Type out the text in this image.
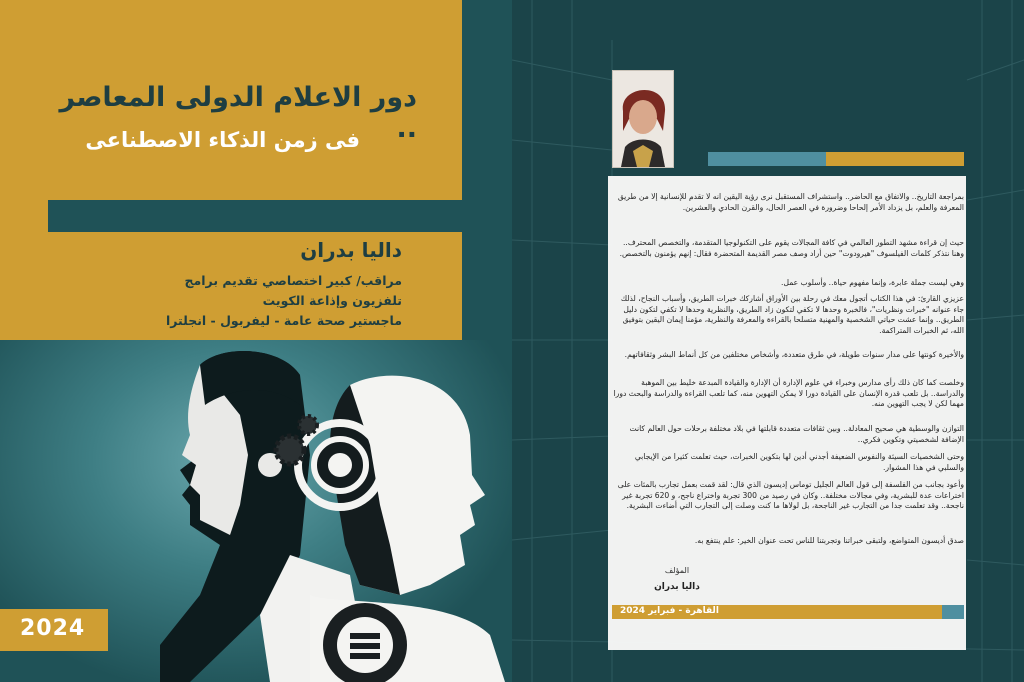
دور الاعلام الدولى المعاصر ..
فى زمن الذكاء الاصطناعى
داليا بدران
مراقب/ كبير اختصاصي تقديم برامج
تلفزيون وإذاعة الكويت
ماجستير صحة عامة - ليفربول - انجلترا
2024
بمراجعة التاريخ.. والاتفاق مع الحاضر.. واستشراف المستقبل نرى رؤية اليقين انه لا تقدم للإنسانية إلا من طريق المعرفة والعلم، بل يزداد الأمر إلحاحا وضرورة في العصر الحال، والقرن الحادي والعشرين.
حيث إن قراءة مشهد التطور العالمي في كافة المجالات يقوم على التكنولوجيا المتقدمة، والتخصص المحترف.. وهنا نتذكر كلمات الفيلسوف "هيرودوت" حين أراد وصف مصر القديمة المتحضرة فقال: إنهم يؤمنون بالتخصص.
وهي ليست جملة عابرة، وإنما مفهوم حياة.. وأسلوب عمل.
عزيزي القارئ: في هذا الكتاب أتجول معك في رحلة بين الأوراق أشاركك خبرات الطريق، وأسباب النجاح، لذلك جاء عنوانه "خبرات ونظريات"، فالخبرة وحدها لا تكفي لتكون زاد الطريق، والنظرية وحدها لا تكفي لتكون دليل الطريق.. وإنما عشت حياتي الشخصية والمهنية متسلحا بالقراءة والمعرفة والنظرية، مؤمنا إيمان اليقين بتوفيق الله، ثم الخبرات المتراكمة.
والأخيرة كونتها على مدار سنوات طويلة، في طرق متعددة، وأشخاص مختلفين من كل أنماط البشر وثقافاتهم.
وخلصت كما كان ذلك رأى مدارس وخبراء في علوم الإدارة أن الإدارة والقيادة المبدعة خليط بين الموهبة والدراسة.. بل تلعب قدرة الإنسان على القيادة دورا لا يمكن التهوين منه، كما تلعب القراءة والدراسة والبحث دورا مهما لكن لا يجب التهوين منه.
التوازن والوسطية هي صحيح المعادلة.. وبين ثقافات متعددة قابلتها في بلاد مختلفة برحلات حول العالم كانت الإضافة لشخصيتي وتكوين فكري..
وحتى الشخصيات السيئة والنفوس الضعيفة أجدني أدين لها بتكوين الخبرات، حيث تعلمت كثيرا من الإيجابي والسلبي في هذا المشوار.
وأعود بجانب من الفلسفة إلى قول العالم الجليل توماس إديسون الذي قال: لقد قمت بعمل تجارب بالمئات على اختراعات عدة للبشرية، وفي مجالات مختلفة.. وكان في رصيد من 300 تجربة واختراع ناجح، و 620 تجربة غير ناجحة.. وقد تعلمت جدا من التجارب غير الناجحة، بل لولاها ما كنت وصلت إلى التجارب التي أضاءت البشرية.
صدق أديسون المتواضع، ولتبقى خبراتنا وتجربتنا للناس تحت عنوان الخير: علم ينتفع به.
المؤلف
داليا بدران
القاهرة - فبراير 2024
